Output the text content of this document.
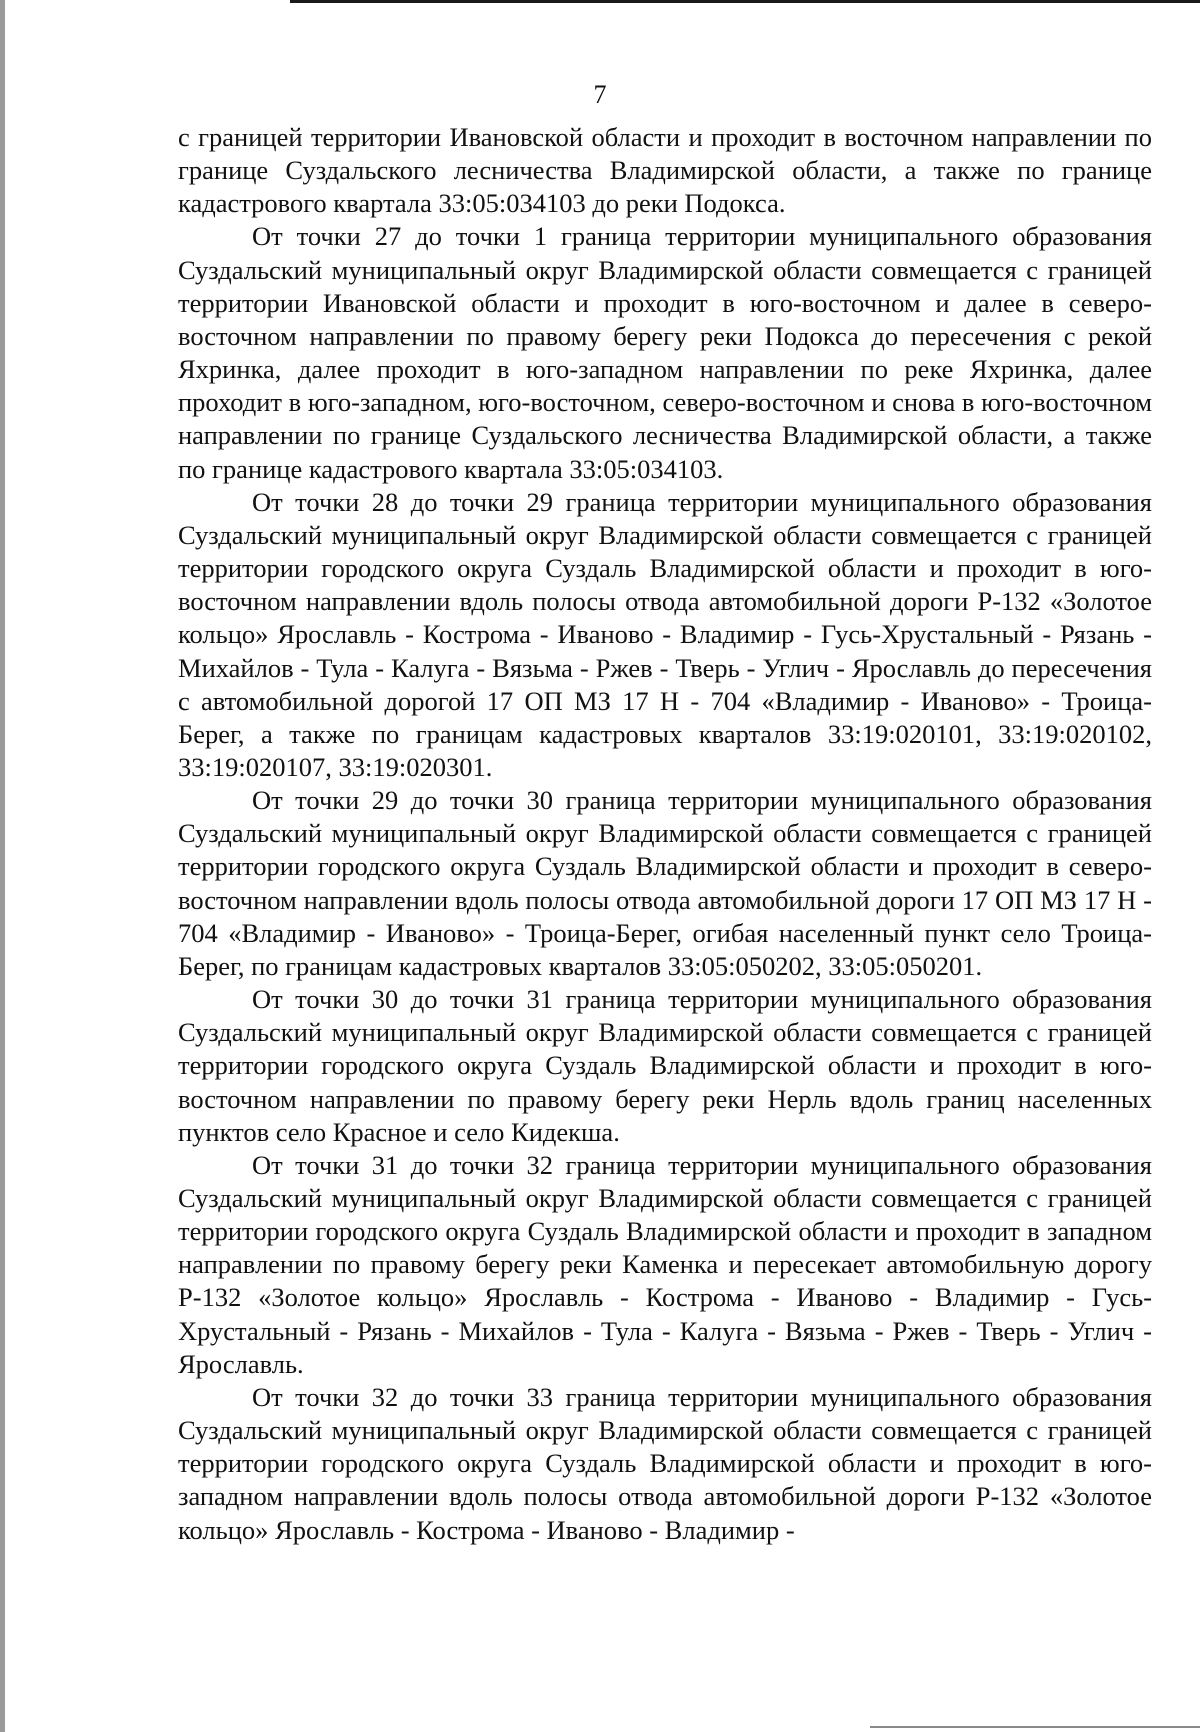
7

с границей территории Ивановской области и проходит в восточном направлении по границе Суздальского лесничества Владимирской области, а также по границе кадастрового квартала 33:05:034103 до реки Подокса.

От точки 27 до точки 1 граница территории муниципального образования Суздальский муниципальный округ Владимирской области совмещается с границей территории Ивановской области и проходит в юго-восточном и далее в северо-восточном направлении по правому берегу реки Подокса до пересечения с рекой Яхринка, далее проходит в юго-западном направлении по реке Яхринка, далее проходит в юго-западном, юго-восточном, северо-восточном и снова в юго-восточном направлении по границе Суздальского лесничества Владимирской области, а также по границе кадастрового квартала 33:05:034103.

От точки 28 до точки 29 граница территории муниципального образования Суздальский муниципальный округ Владимирской области совмещается с границей территории городского округа Суздаль Владимирской области и проходит в юго-восточном направлении вдоль полосы отвода автомобильной дороги Р-132 «Золотое кольцо» Ярославль - Кострома - Иваново - Владимир - Гусь-Хрустальный - Рязань - Михайлов - Тула - Калуга - Вязьма - Ржев - Тверь - Углич - Ярославль до пересечения с автомобильной дорогой 17 ОП МЗ 17 Н - 704 «Владимир - Иваново» - Троица-Берег, а также по границам кадастровых кварталов 33:19:020101, 33:19:020102, 33:19:020107, 33:19:020301.

От точки 29 до точки 30 граница территории муниципального образования Суздальский муниципальный округ Владимирской области совмещается с границей территории городского округа Суздаль Владимирской области и проходит в северо-восточном направлении вдоль полосы отвода автомобильной дороги 17 ОП МЗ 17 Н - 704 «Владимир - Иваново» - Троица-Берег, огибая населенный пункт село Троица-Берег, по границам кадастровых кварталов 33:05:050202, 33:05:050201.

От точки 30 до точки 31 граница территории муниципального образования Суздальский муниципальный округ Владимирской области совмещается с границей территории городского округа Суздаль Владимирской области и проходит в юго-восточном направлении по правому берегу реки Нерль вдоль границ населенных пунктов село Красное и село Кидекша.

От точки 31 до точки 32 граница территории муниципального образования Суздальский муниципальный округ Владимирской области совмещается с границей территории городского округа Суздаль Владимирской области и проходит в западном направлении по правому берегу реки Каменка и пересекает автомобильную дорогу Р-132 «Золотое кольцо» Ярославль - Кострома - Иваново - Владимир - Гусь-Хрустальный - Рязань - Михайлов - Тула - Калуга - Вязьма - Ржев - Тверь - Углич - Ярославль.

От точки 32 до точки 33 граница территории муниципального образования Суздальский муниципальный округ Владимирской области совмещается с границей территории городского округа Суздаль Владимирской области и проходит в юго-западном направлении вдоль полосы отвода автомобильной дороги Р-132 «Золотое кольцо» Ярославль - Кострома - Иваново - Владимир -
